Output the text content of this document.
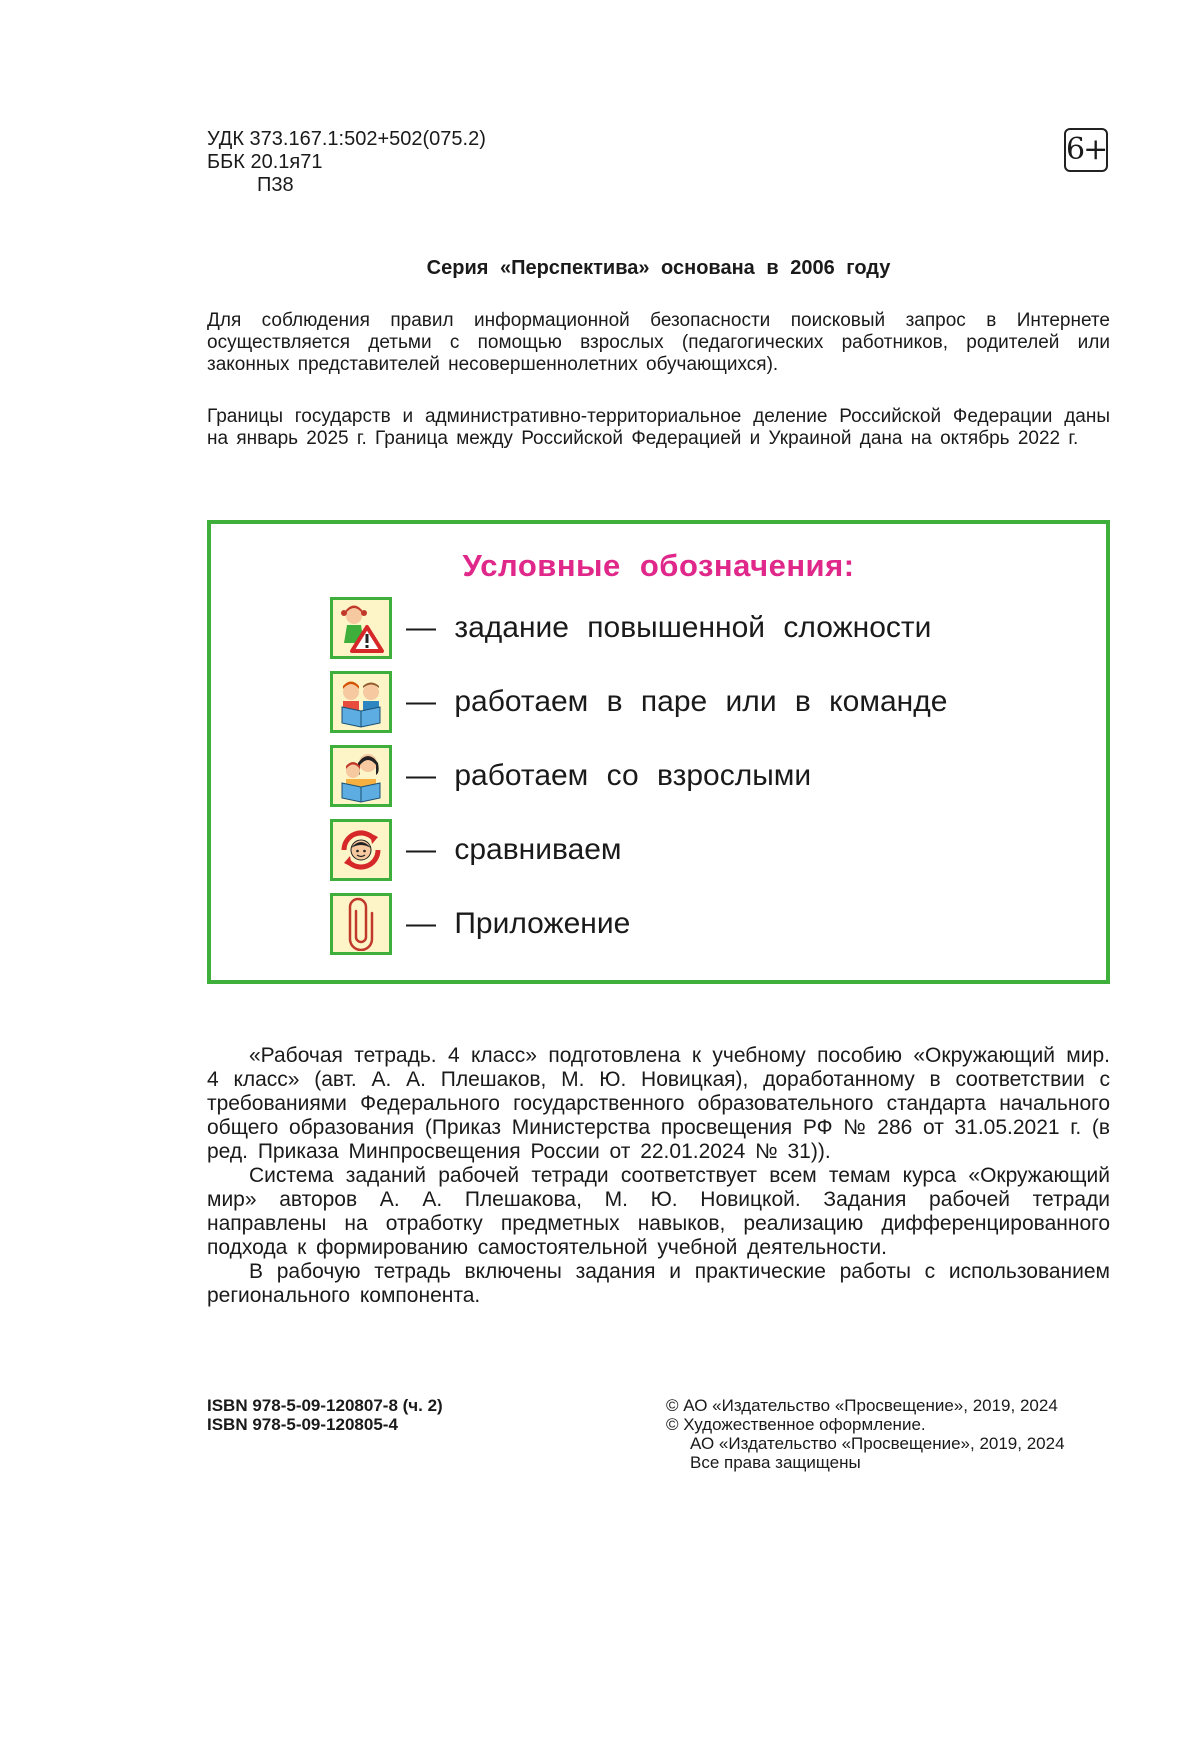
УДК 373.167.1:502+502(075.2)
ББК 20.1я71
П38
6+
Серия «Перспектива» основана в 2006 году
Для соблюдения правил информационной безопасности поисковый запрос в Интернете осуществляется детьми с помощью взрослых (педагогических работников, родителей или законных представителей несовершеннолетних обучающихся).
Границы государств и административно-территориальное деление Российской Федерации даны на январь 2025 г. Граница между Российской Федерацией и Украиной дана на октябрь 2022 г.
Условные обозначения:
— задание повышенной сложности
— работаем в паре или в команде
— работаем со взрослыми
— сравниваем
— Приложение

«Рабочая тетрадь. 4 класс» подготовлена к учебному пособию «Окружающий мир. 4 класс» (авт. А. А. Плешаков, М. Ю. Новицкая), доработанному в соответствии с требованиями Федерального государственного образовательного стандарта начального общего образования (Приказ Министерства просвещения РФ № 286 от 31.05.2021 г. (в ред. Приказа Минпросвещения России от 22.01.2024 № 31)).

Система заданий рабочей тетради соответствует всем темам курса «Окружающий мир» авторов А. А. Плешакова, М. Ю. Новицкой. Задания рабочей тетради направлены на отработку предметных навыков, реализацию дифференцированного подхода к формированию самостоятельной учебной деятельности.

В рабочую тетрадь включены задания и практические работы с использованием регионального компонента.

ISBN 978-5-09-120807-8 (ч. 2)
ISBN 978-5-09-120805-4
© АО «Издательство «Просвещение», 2019, 2024
© Художественное оформление.
АО «Издательство «Просвещение», 2019, 2024
Все права защищены
